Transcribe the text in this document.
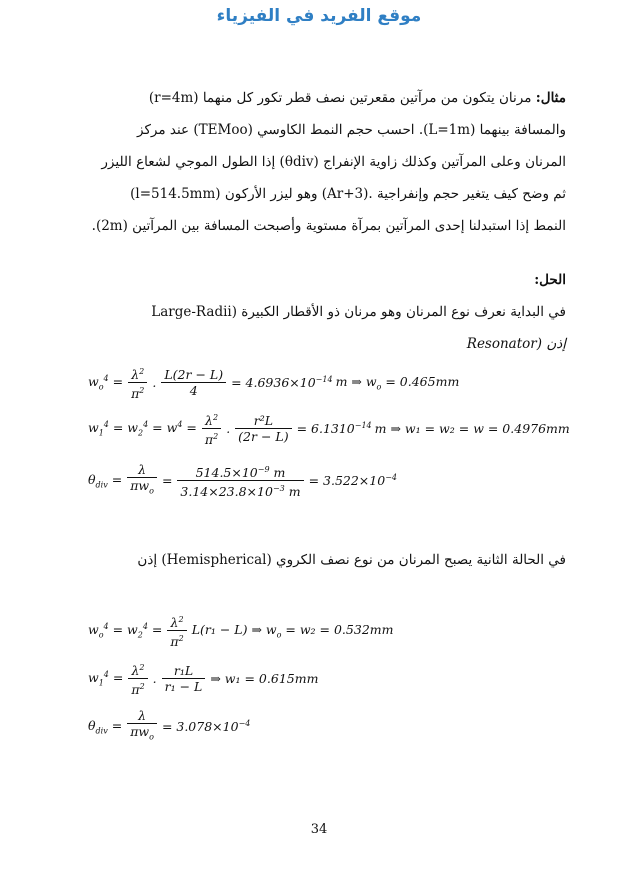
موقع الفريد في الفيزياء
مثال: مرنان يتكون من مرآتين مقعرتين نصف قطر تكور كل منهما (r=4m)
والمسافة بينهما (L=1m). احسب حجم النمط الكاوسي (TEMoo) عند مركز
المرنان وعلى المرآتين وكذلك زاوية الإنفراج (θdiv) إذا الطول الموجي لشعاع الليزر
(l=514.5mm) وهو ليزر الأركون (Ar+3). ثم وضح كيف يتغير حجم وإنفراجية
النمط إذا استبدلنا إحدى المرآتين بمرآة مستوية وأصبحت المسافة بين المرآتين (2m).
الحل:
في البداية نعرف نوع المرنان وهو مرنان ذو الأقطار الكبيرة (Large-Radii
Resonator) إذن
$w_o^4 = \frac{\lambda^2}{\pi^2}$ . $\frac{L(2r - L)}{4} = 4.6936\times 10^{-14}$ m ⇒ $w_o = 0.465mm$
$w_1^4 = w_2^4 = w^4 = \frac{\lambda^2}{\pi^2}$ . $\frac{\text{r²L}}{(2r - L)} = 6.1310^{-14}$ m ⇒ w₁ = w₂ = w = 0.4976mm
$\theta_{div} = \frac{\lambda}{\pi w_o} = \frac{514.5\times 10^{-9} m}{3.14\times 23.8\times 10^{-3} m} = 3.522\times 10^{-4}$
في الحالة الثانية يصبح المرنان من نوع نصف الكروي (Hemispherical) إذن
$w_o^4 = w_2^4 = \frac{\lambda^2}{\pi^2} L(r_1 - L)$ ⇒ $w_o = w_2 = 0.532mm$
$w_1^4 = \frac{\lambda^2}{\pi^2}$ . $\frac{\text{r₁L}}{\text{r₁ − L}}$ ⇒ w₁ = 0.615mm
$\theta_{div} = \frac{\lambda}{\pi w_o} = 3.078\times 10^{-4}$
34
